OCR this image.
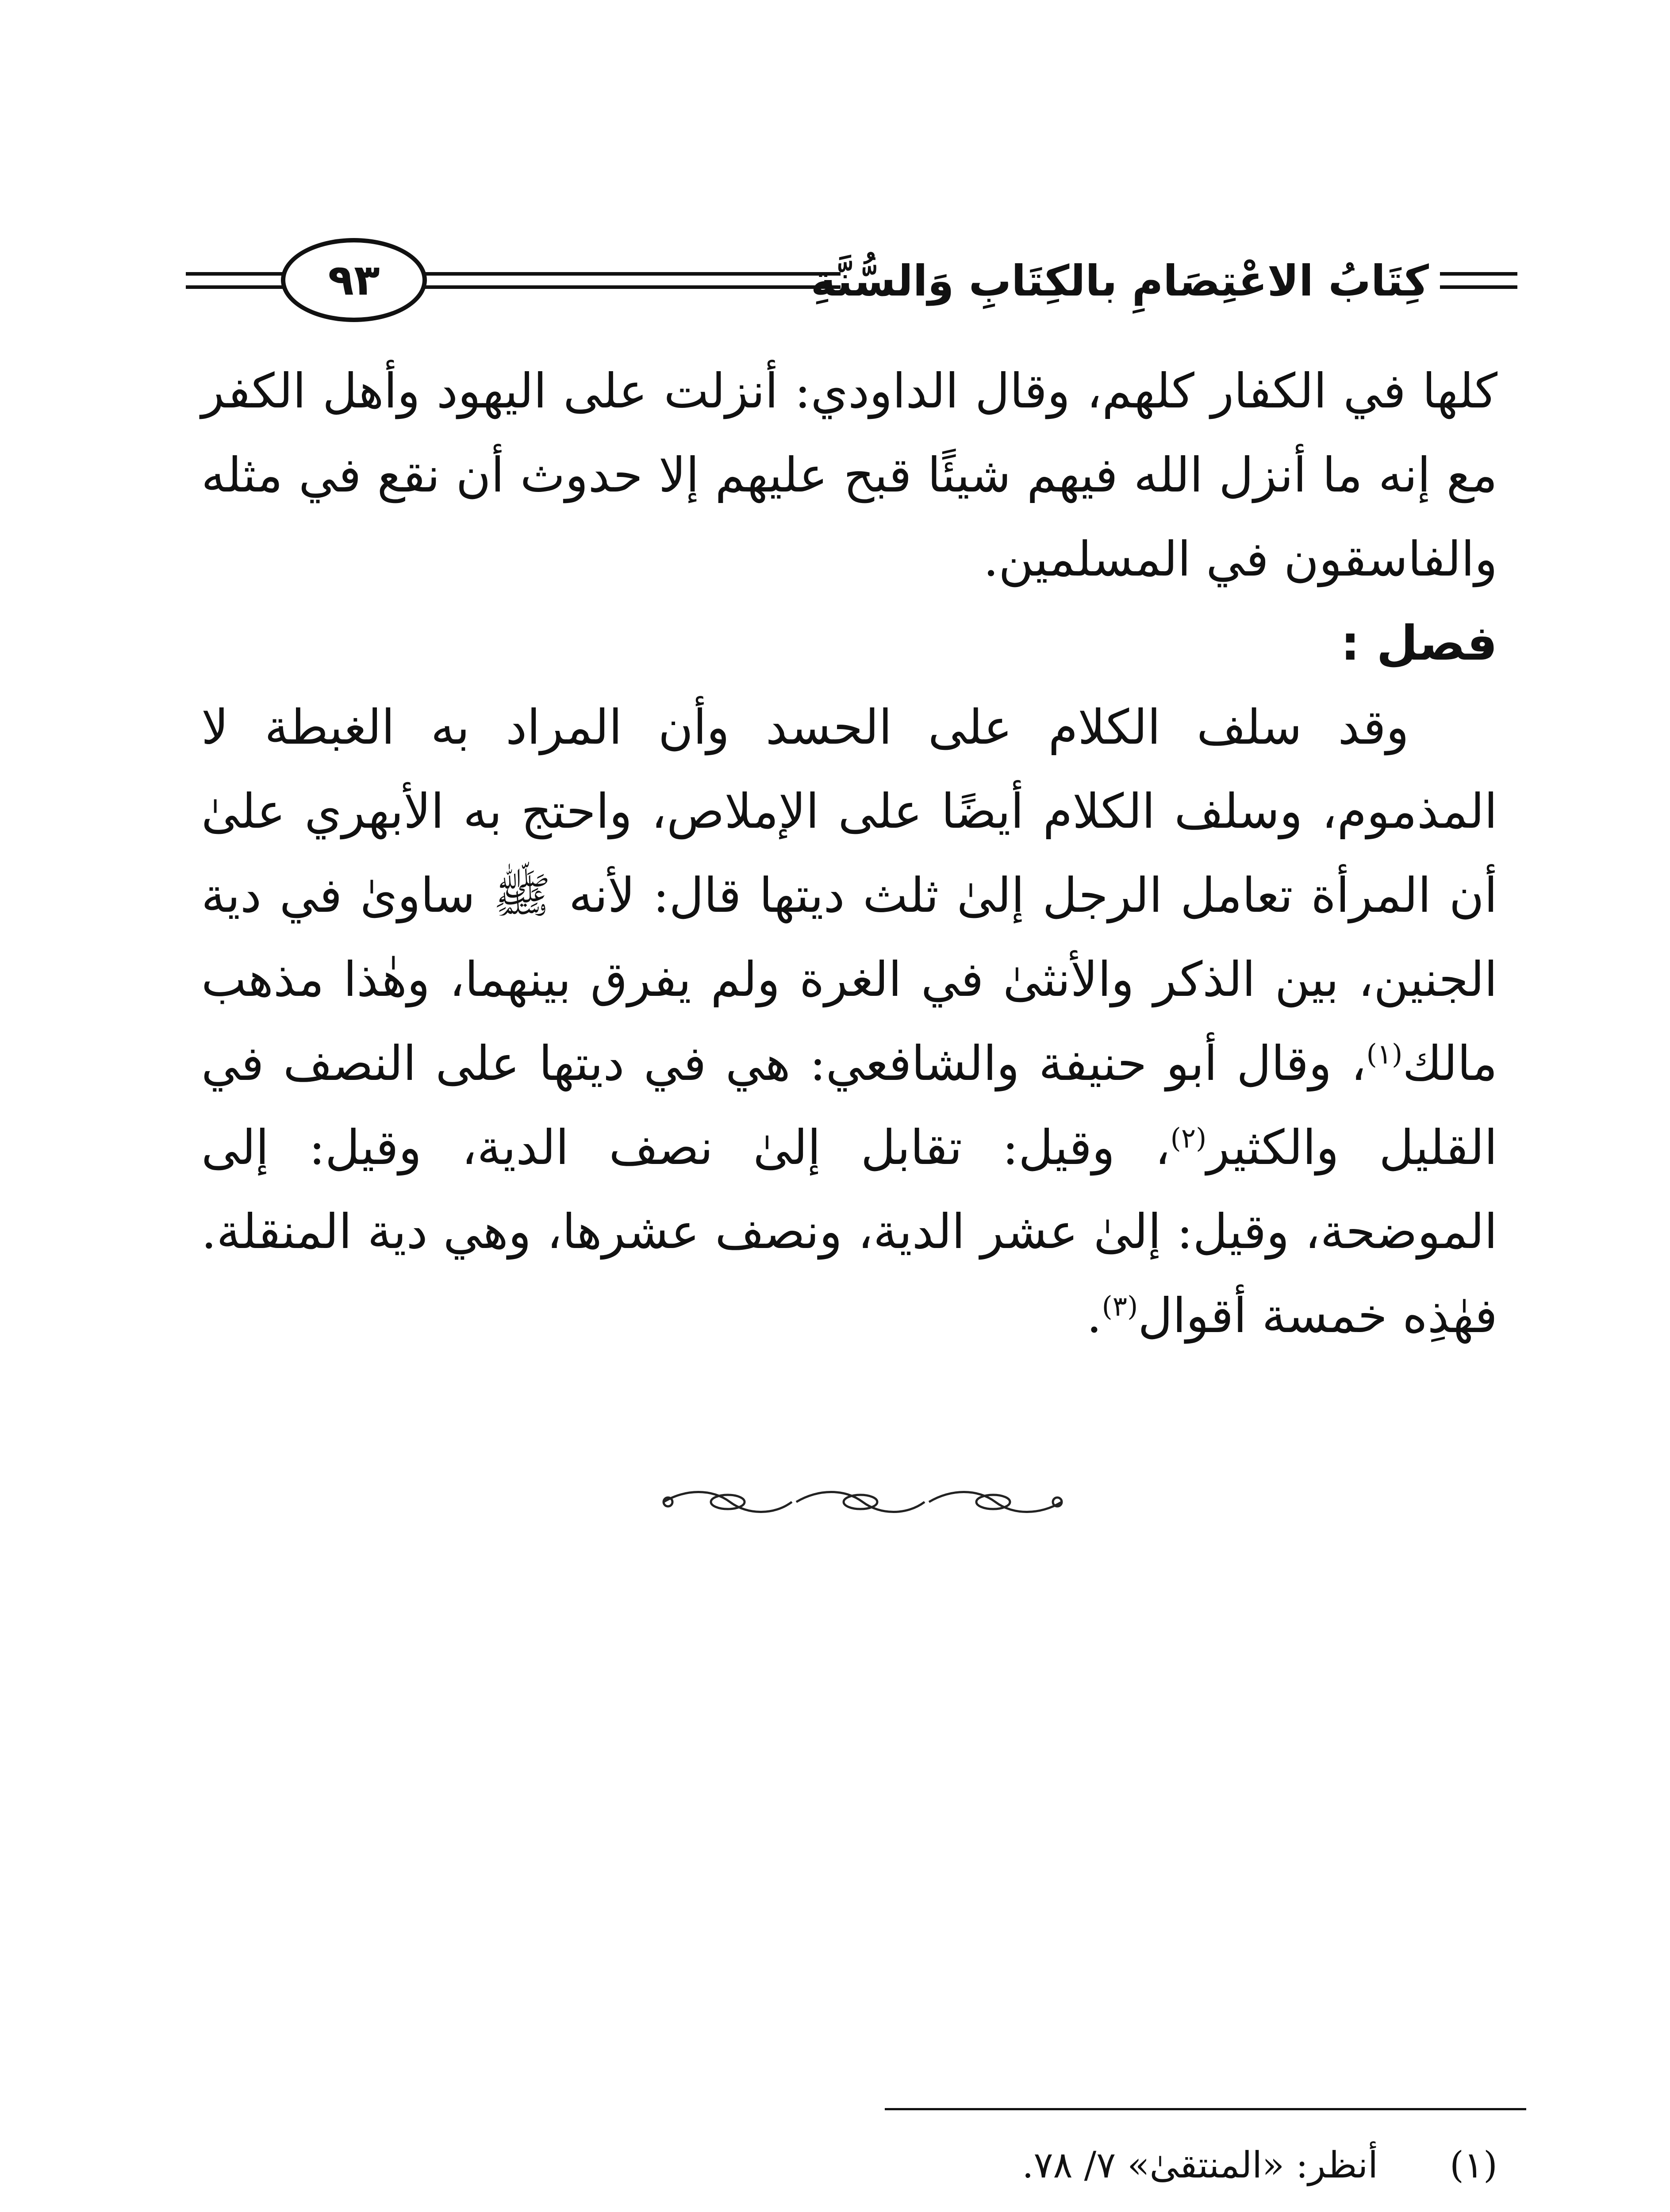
٩٣	كِتَابُ الاعْتِصَامِ بالكِتَابِ وَالسُّنَّةِ

كلها في الكفار كلهم، وقال الداودي: أنزلت على اليهود وأهل الكفر مع إنه ما أنزل الله فيهم شيئًا قبح عليهم إلا حدوث أن نقع في مثله والفاسقون في المسلمين.

فصل :

وقد سلف الكلام على الحسد وأن المراد به الغبطة لا المذموم، وسلف الكلام أيضًا على الإملاص، واحتج به الأبهري علىٰ أن المرأة تعامل الرجل إلىٰ ثلث ديتها قال: لأنه ﷺ ساوىٰ في دية الجنين، بين الذكر والأنثىٰ في الغرة ولم يفرق بينهما، وهٰذا مذهب مالك$^{(١)}$، وقال أبو حنيفة والشافعي: هي في ديتها على النصف في القليل والكثير$^{(٢)}$، وقيل: تقابل إلىٰ نصف الدية، وقيل: إلى الموضحة، وقيل: إلىٰ عشر الدية، ونصف عشرها، وهي دية المنقلة. فهٰذِه خمسة أقوال$^{(٣)}$.

(١)
أنظر: «المنتقىٰ» ٧/ ٧٨.
